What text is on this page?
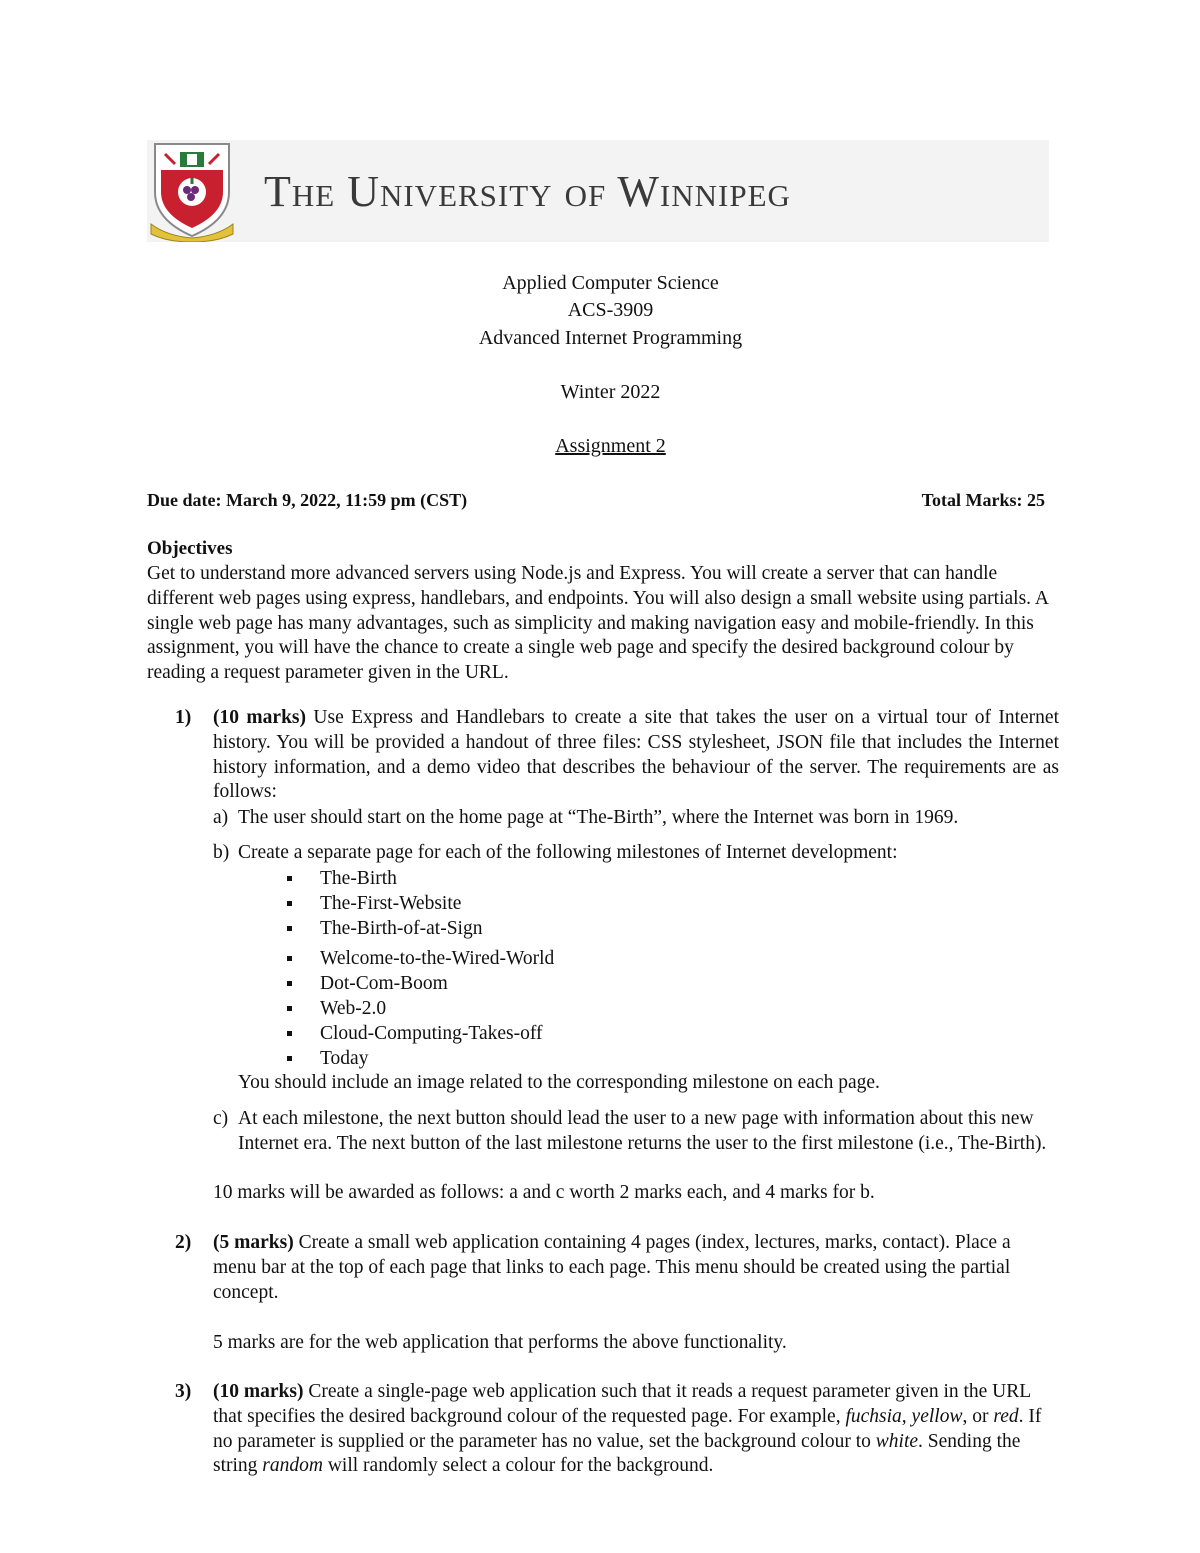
The University of Winnipeg
Applied Computer Science
ACS-3909
Advanced Internet Programming
Winter 2022
Assignment 2
Due date: March 9, 2022, 11:59 pm (CST)	Total Marks: 25
Objectives
Get to understand more advanced servers using Node.js and Express. You will create a server that can handle different web pages using express, handlebars, and endpoints. You will also design a small website using partials. A single web page has many advantages, such as simplicity and making navigation easy and mobile-friendly. In this assignment, you will have the chance to create a single web page and specify the desired background colour by reading a request parameter given in the URL.
1) (10 marks) Use Express and Handlebars to create a site that takes the user on a virtual tour of Internet history. You will be provided a handout of three files: CSS stylesheet, JSON file that includes the Internet history information, and a demo video that describes the behaviour of the server. The requirements are as follows:
a) The user should start on the home page at “The-Birth”, where the Internet was born in 1969.
b) Create a separate page for each of the following milestones of Internet development:
The-Birth
The-First-Website
The-Birth-of-at-Sign
Welcome-to-the-Wired-World
Dot-Com-Boom
Web-2.0
Cloud-Computing-Takes-off
Today
You should include an image related to the corresponding milestone on each page.
c) At each milestone, the next button should lead the user to a new page with information about this new Internet era. The next button of the last milestone returns the user to the first milestone (i.e., The-Birth).
10 marks will be awarded as follows: a and c worth 2 marks each, and 4 marks for b.
2) (5 marks) Create a small web application containing 4 pages (index, lectures, marks, contact). Place a menu bar at the top of each page that links to each page. This menu should be created using the partial concept.
5 marks are for the web application that performs the above functionality.
3) (10 marks) Create a single-page web application such that it reads a request parameter given in the URL that specifies the desired background colour of the requested page. For example, fuchsia, yellow, or red. If no parameter is supplied or the parameter has no value, set the background colour to white. Sending the string random will randomly select a colour for the background.
